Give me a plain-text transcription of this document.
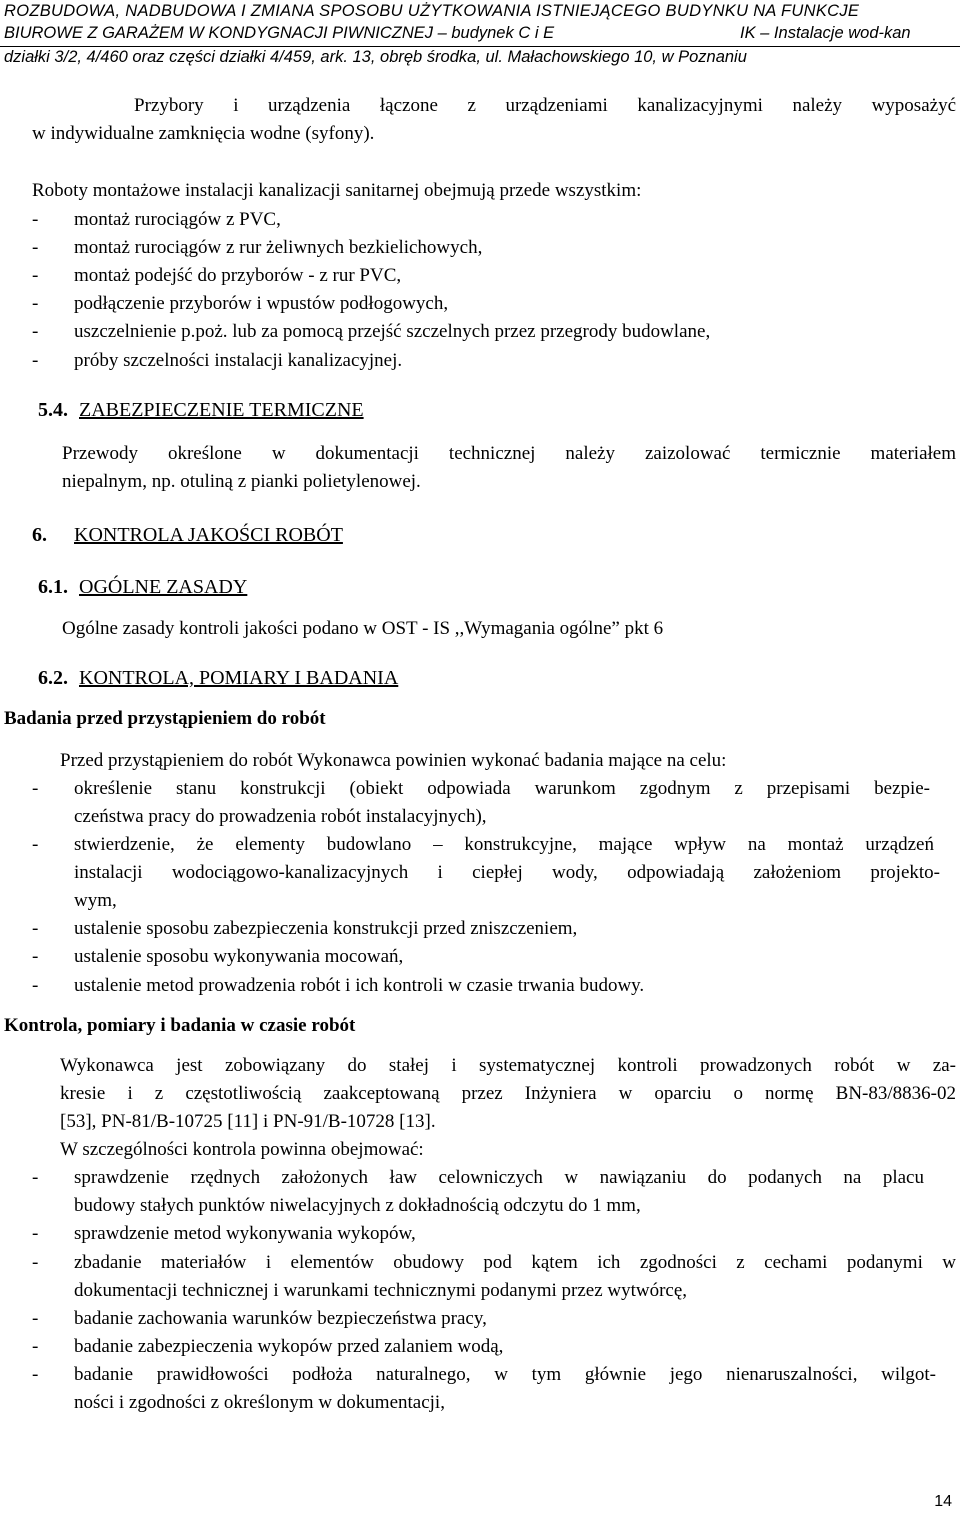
ROZBUDOWA, NADBUDOWA I ZMIANA SPOSOBU UŻYTKOWANIA ISTNIEJĄCEGO BUDYNKU NA FUNKCJE
BIUROWE Z GARAŻEM W KONDYGNACJI PIWNICZNEJ – budynek C i E	IK – Instalacje wod-kan
działki 3/2, 4/460 oraz części działki 4/459, ark. 13, obręb środka, ul. Małachowskiego 10, w Poznaniu
Przybory i urządzenia łączone z urządzeniami kanalizacyjnymi należy wyposażyć
w indywidualne zamknięcia wodne (syfony).
Roboty montażowe instalacji kanalizacji sanitarnej obejmują przede wszystkim:
- montaż rurociągów z PVC,
- montaż rurociągów z rur żeliwnych bezkielichowych,
- montaż podejść do przyborów - z rur PVC,
- podłączenie przyborów i wpustów podłogowych,
- uszczelnienie p.poż. lub za pomocą przejść szczelnych przez przegrody budowlane,
- próby szczelności instalacji kanalizacyjnej.
5.4. ZABEZPIECZENIE TERMICZNE
Przewody określone w dokumentacji technicznej należy zaizolować termicznie materiałem
niepalnym, np. otuliną z pianki polietylenowej.
6. KONTROLA JAKOŚCI ROBÓT
6.1. OGÓLNE ZASADY
Ogólne zasady kontroli jakości podano w OST - IS ,,Wymagania ogólne” pkt 6
6.2. KONTROLA, POMIARY I BADANIA
Badania przed przystąpieniem do robót
Przed przystąpieniem do robót Wykonawca powinien wykonać badania mające na celu:
- określenie stanu konstrukcji (obiekt odpowiada warunkom zgodnym z przepisami bezpie-
czeństwa pracy do prowadzenia robót instalacyjnych),
- stwierdzenie, że elementy budowlano – konstrukcyjne, mające wpływ na montaż urządzeń
instalacji wodociągowo-kanalizacyjnych i ciepłej wody, odpowiadają założeniom projekto-
wym,
- ustalenie sposobu zabezpieczenia konstrukcji przed zniszczeniem,
- ustalenie sposobu wykonywania mocowań,
- ustalenie metod prowadzenia robót i ich kontroli w czasie trwania budowy.
Kontrola, pomiary i badania w czasie robót
Wykonawca jest zobowiązany do stałej i systematycznej kontroli prowadzonych robót w za-
kresie i z częstotliwością zaakceptowaną przez Inżyniera w oparciu o normę BN-83/8836-02
[53], PN-81/B-10725 [11] i PN-91/B-10728 [13].
W szczególności kontrola powinna obejmować:
- sprawdzenie rzędnych założonych ław celowniczych w nawiązaniu do podanych na placu
budowy stałych punktów niwelacyjnych z dokładnością odczytu do 1 mm,
- sprawdzenie metod wykonywania wykopów,
- zbadanie materiałów i elementów obudowy pod kątem ich zgodności z cechami podanymi w
dokumentacji technicznej i warunkami technicznymi podanymi przez wytwórcę,
- badanie zachowania warunków bezpieczeństwa pracy,
- badanie zabezpieczenia wykopów przed zalaniem wodą,
- badanie prawidłowości podłoża naturalnego, w tym głównie jego nienaruszalności, wilgot-
ności i zgodności z określonym w dokumentacji,
14
